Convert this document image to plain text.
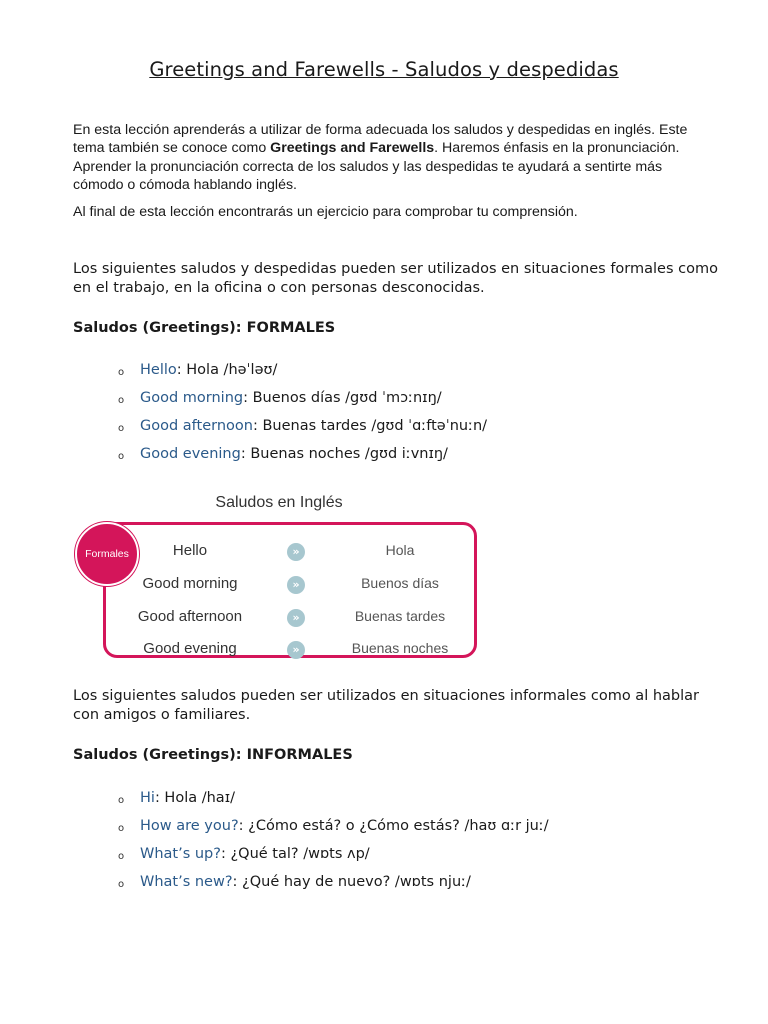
Greetings and Farewells - Saludos y despedidas

En esta lección aprenderás a utilizar de forma adecuada los saludos y despedidas en inglés. Este tema también se conoce como Greetings and Farewells. Haremos énfasis en la pronunciación. Aprender la pronunciación correcta de los saludos y las despedidas te ayudará a sentirte más cómodo o cómoda hablando inglés.

Al final de esta lección encontrarás un ejercicio para comprobar tu comprensión.

Los siguientes saludos y despedidas pueden ser utilizados en situaciones formales como en el trabajo, en la oficina o con personas desconocidas.
Saludos (Greetings): FORMALES
o Hello: Hola /həˈləʊ/
o Good morning: Buenos días /gʊd ˈmɔːnɪŋ/
o Good afternoon: Buenas tardes /gʊd ˈɑːftəˈnuːn/
o Good evening: Buenas noches /gʊd iːvnɪŋ/
Saludos en Inglés
Formales	Hello	»	Hola
Good morning	»	Buenos días
Good afternoon	»	Buenas tardes
Good evening	»	Buenas noches
Los siguientes saludos pueden ser utilizados en situaciones informales como al hablar con amigos o familiares.
Saludos (Greetings): INFORMALES
o Hi: Hola /haɪ/
o How are you?: ¿Cómo está? o ¿Cómo estás? /haʊ ɑːr juː/
o What’s up?: ¿Qué tal? /wɒts ʌp/
o What’s new?: ¿Qué hay de nuevo? /wɒts njuː/
